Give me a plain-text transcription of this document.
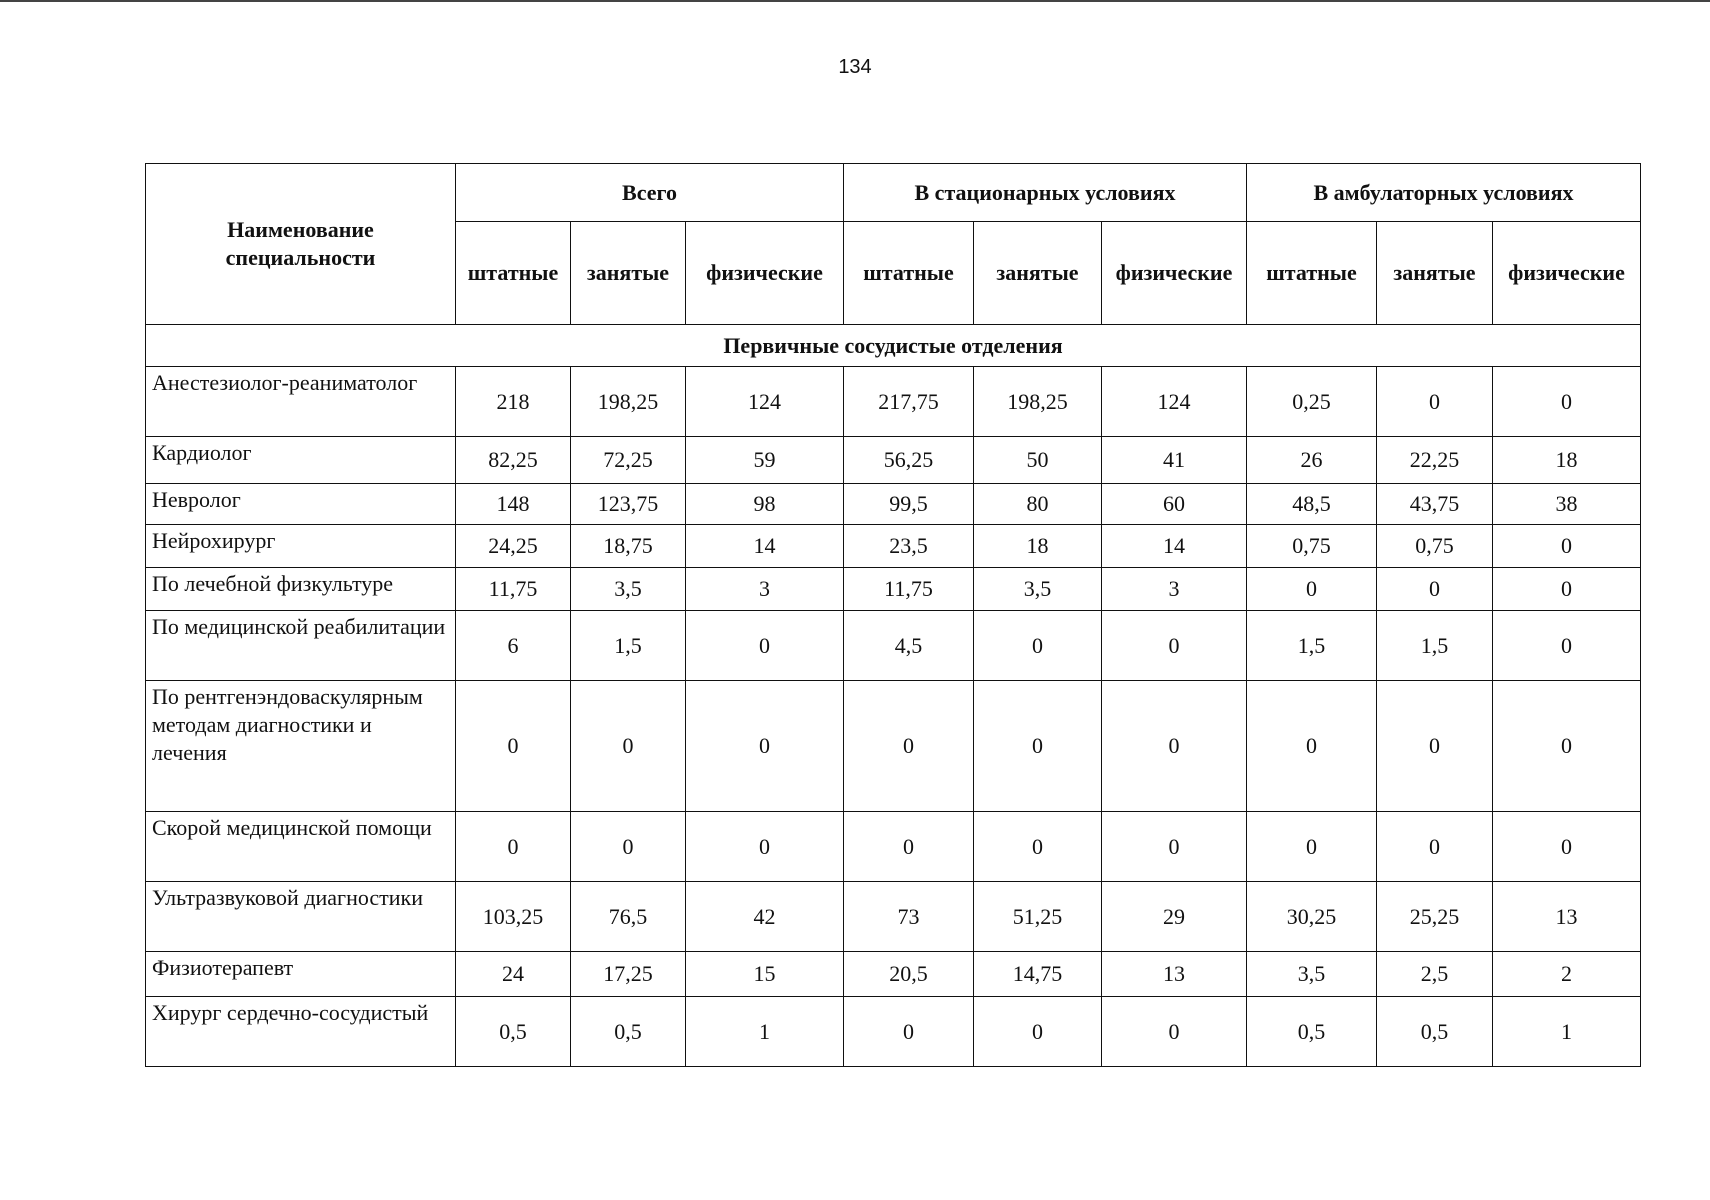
134
Наименование специальности	Всего			В стационарных условиях			В амбулаторных условиях		
	штатные	занятые	физические	штатные	занятые	физические	штатные	занятые	физические
Первичные сосудистые отделения									
Анестезиолог-реаниматолог	218	198,25	124	217,75	198,25	124	0,25	0	0
Кардиолог	82,25	72,25	59	56,25	50	41	26	22,25	18
Невролог	148	123,75	98	99,5	80	60	48,5	43,75	38
Нейрохирург	24,25	18,75	14	23,5	18	14	0,75	0,75	0
По лечебной физкультуре	11,75	3,5	3	11,75	3,5	3	0	0	0
По медицинской реабилитации	6	1,5	0	4,5	0	0	1,5	1,5	0
По рентгенэндоваскулярным методам диагностики и лечения	0	0	0	0	0	0	0	0	0
Скорой медицинской помощи	0	0	0	0	0	0	0	0	0
Ультразвуковой диагностики	103,25	76,5	42	73	51,25	29	30,25	25,25	13
Физиотерапевт	24	17,25	15	20,5	14,75	13	3,5	2,5	2
Хирург сердечно-сосудистый	0,5	0,5	1	0	0	0	0,5	0,5	1
